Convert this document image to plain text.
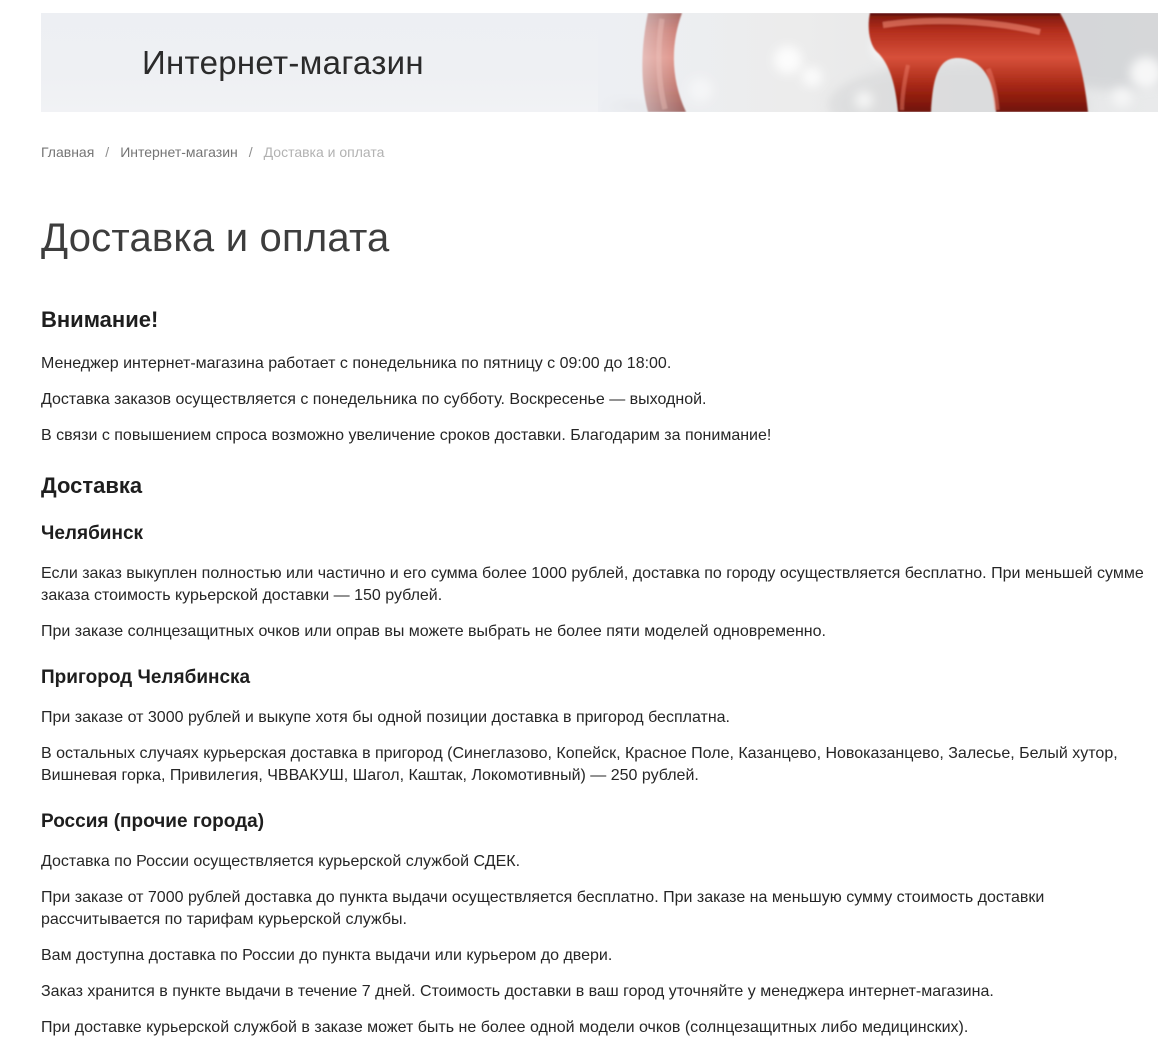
Интернет-магазин
Главная / Интернет-магазин / Доставка и оплата
Доставка и оплата
Внимание!

Менеджер интернет-магазина работает с понедельника по пятницу с 09:00 до 18:00.

Доставка заказов осуществляется с понедельника по субботу. Воскресенье — выходной.

В связи с повышением спроса возможно увеличение сроков доставки. Благодарим за понимание!

Доставка
Челябинск

Если заказ выкуплен полностью или частично и его сумма более 1000 рублей, доставка по городу осуществляется бесплатно. При меньшей сумме заказа стоимость курьерской доставки — 150 рублей.

При заказе солнцезащитных очков или оправ вы можете выбрать не более пяти моделей одновременно.

Пригород Челябинска

При заказе от 3000 рублей и выкупе хотя бы одной позиции доставка в пригород бесплатна.

В остальных случаях курьерская доставка в пригород (Синеглазово, Копейск, Красное Поле, Казанцево, Новоказанцево, Залесье, Белый хутор, Вишневая горка, Привилегия, ЧВВАКУШ, Шагол, Каштак, Локомотивный) — 250 рублей.

Россия (прочие города)

Доставка по России осуществляется курьерской службой СДЕК.

При заказе от 7000 рублей доставка до пункта выдачи осуществляется бесплатно. При заказе на меньшую сумму стоимость доставки рассчитывается по тарифам курьерской службы.

Вам доступна доставка по России до пункта выдачи или курьером до двери.

Заказ хранится в пункте выдачи в течение 7 дней. Стоимость доставки в ваш город уточняйте у менеджера интернет-магазина.

При доставке курьерской службой в заказе может быть не более одной модели очков (солнцезащитных либо медицинских).
